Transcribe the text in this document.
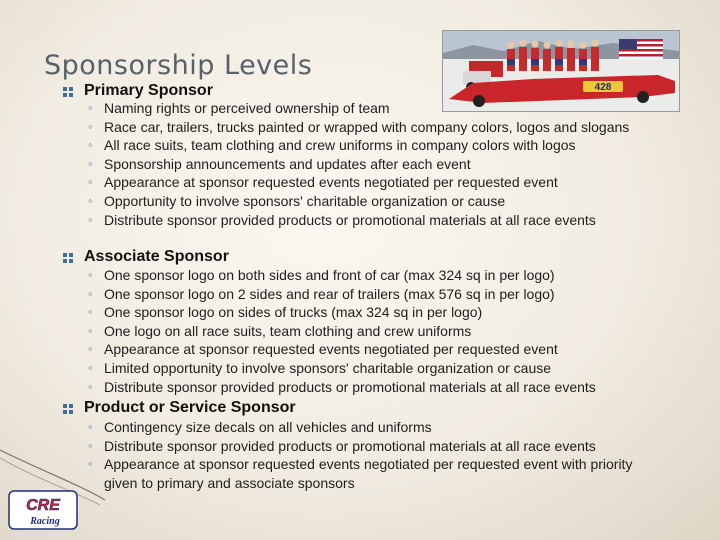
Sponsorship Levels
428
Primary Sponsor
◦ Naming rights or perceived ownership of team
◦ Race car, trailers, trucks painted or wrapped with company colors, logos and slogans
◦ All race suits, team clothing and crew uniforms in company colors with logos
◦ Sponsorship announcements and updates after each event
◦ Appearance at sponsor requested events negotiated per requested event
◦ Opportunity to involve sponsors' charitable organization or cause
◦ Distribute sponsor provided products or promotional materials at all race events
Associate Sponsor
◦ One sponsor logo on both sides and front of car (max 324 sq in per logo)
◦ One sponsor logo on 2 sides and rear of trailers (max 576 sq in per logo)
◦ One sponsor logo on sides of trucks (max 324 sq in per logo)
◦ One logo on all race suits, team clothing and crew uniforms
◦ Appearance at sponsor requested events negotiated per requested event
◦ Limited opportunity to involve sponsors' charitable organization or cause
◦ Distribute sponsor provided products or promotional materials at all race events
Product or Service Sponsor
◦ Contingency size decals on all vehicles and uniforms
◦ Distribute sponsor provided products or promotional materials at all race events
◦ Appearance at sponsor requested events negotiated per requested event with priority given to primary and associate sponsors
CRE
Racing
